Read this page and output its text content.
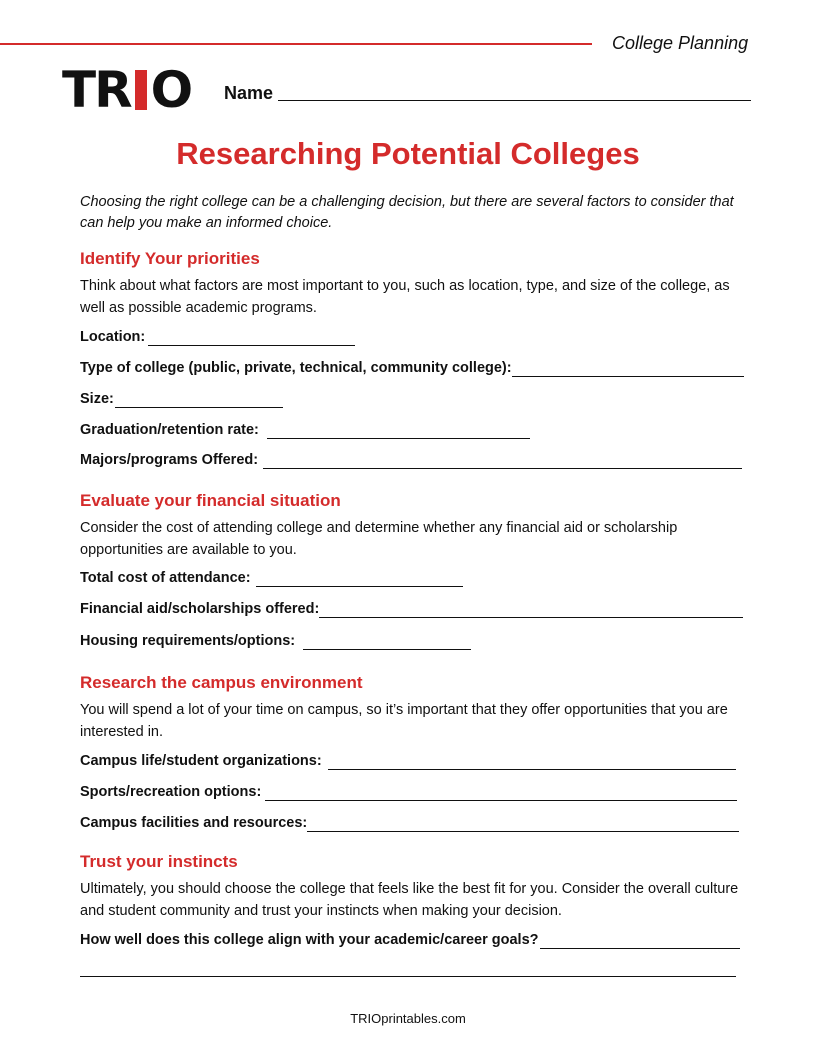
College Planning
TR O Name
Researching Potential Colleges
Choosing the right college can be a challenging decision, but there are several factors to consider that can help you make an informed choice.
Identify Your priorities
Think about what factors are most important to you, such as location, type, and size of the college, as well as possible academic programs.
Location:
Type of college (public, private, technical, community college):
Size:
Graduation/retention rate:
Majors/programs Offered:
Evaluate your financial situation
Consider the cost of attending college and determine whether any financial aid or scholarship opportunities are available to you.
Total cost of attendance:
Financial aid/scholarships offered:
Housing requirements/options:
Research the campus environment
You will spend a lot of your time on campus, so it’s important that they offer opportunities that you are interested in.
Campus life/student organizations:
Sports/recreation options:
Campus facilities and resources:
Trust your instincts
Ultimately, you should choose the college that feels like the best fit for you. Consider the overall culture and student community and trust your instincts when making your decision.
How well does this college align with your academic/career goals?
TRIOprintables.com
